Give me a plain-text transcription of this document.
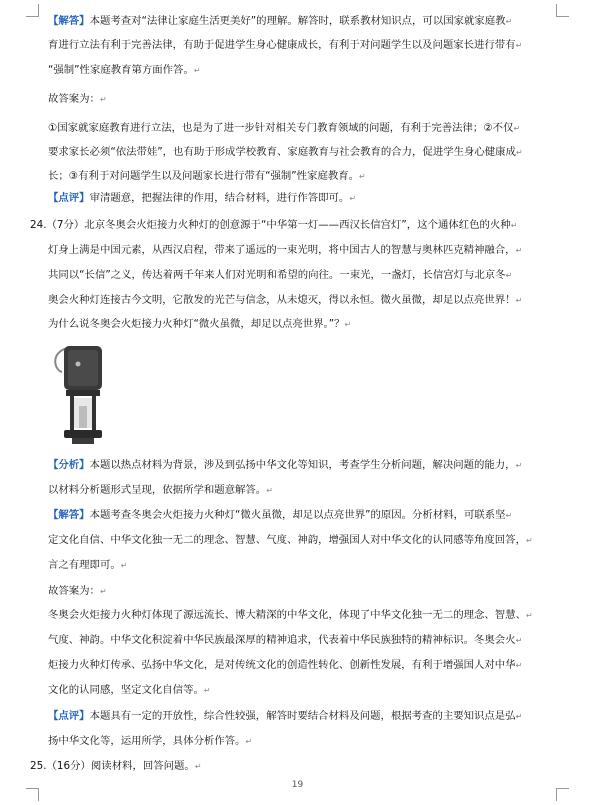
【解答】本题考查对“法律让家庭生活更美好”的理解。解答时，联系教材知识点，可以国家就家庭教↵
育进行立法有利于完善法律，有助于促进学生身心健康成长，有利于对问题学生以及问题家长进行带有↵
“强制”性家庭教育第方面作答。↵
故答案为：↵
①国家就家庭教育进行立法，也是为了进一步针对相关专门教育领域的问题，有利于完善法律；②不仅↵
要求家长必须“依法带娃”，也有助于形成学校教育、家庭教育与社会教育的合力，促进学生身心健康成↵
长；③有利于对问题学生以及问题家长进行带有“强制”性家庭教育。↵
【点评】审清题意，把握法律的作用，结合材料，进行作答即可。↵
24.（7分）北京冬奥会火炬接力火种灯的创意源于“中华第一灯——西汉长信宫灯”，这个通体红色的火种↵
灯身上满是中国元素，从西汉启程，带来了遥远的一束光明，将中国古人的智慧与奥林匹克精神融合，↵
共同以“长信”之义，传达着两千年来人们对光明和希望的向往。一束光，一盏灯，长信宫灯与北京冬↵
奥会火种灯连接古今文明，它散发的光芒与信念，从未熄灭，得以永恒。微火虽微，却足以点亮世界！↵
为什么说冬奥会火炬接力火种灯“微火虽微，却足以点亮世界。”？↵
【分析】本题以热点材料为背景，涉及到弘扬中华文化等知识，考查学生分析问题，解决问题的能力，↵
以材料分析题形式呈现，依据所学和题意解答。↵
【解答】本题考查冬奥会火炬接力火种灯“微火虽微，却足以点亮世界”的原因。分析材料，可联系坚↵
定文化自信、中华文化独一无二的理念、智慧、气度、神韵，增强国人对中华文化的认同感等角度回答，↵
言之有理即可。↵
故答案为：↵
冬奥会火炬接力火种灯体现了源远流长、博大精深的中华文化，体现了中华文化独一无二的理念、智慧、↵
气度、神韵。中华文化积淀着中华民族最深厚的精神追求，代表着中华民族独特的精神标识。冬奥会火↵
炬接力火种灯传承、弘扬中华文化，是对传统文化的创造性转化、创新性发展，有利于增强国人对中华↵
文化的认同感，坚定文化自信等。↵
【点评】本题具有一定的开放性，综合性较强，解答时要结合材料及问题，根据考查的主要知识点是弘↵
扬中华文化等，运用所学，具体分析作答。↵
25.（16分）阅读材料，回答问题。↵
19
